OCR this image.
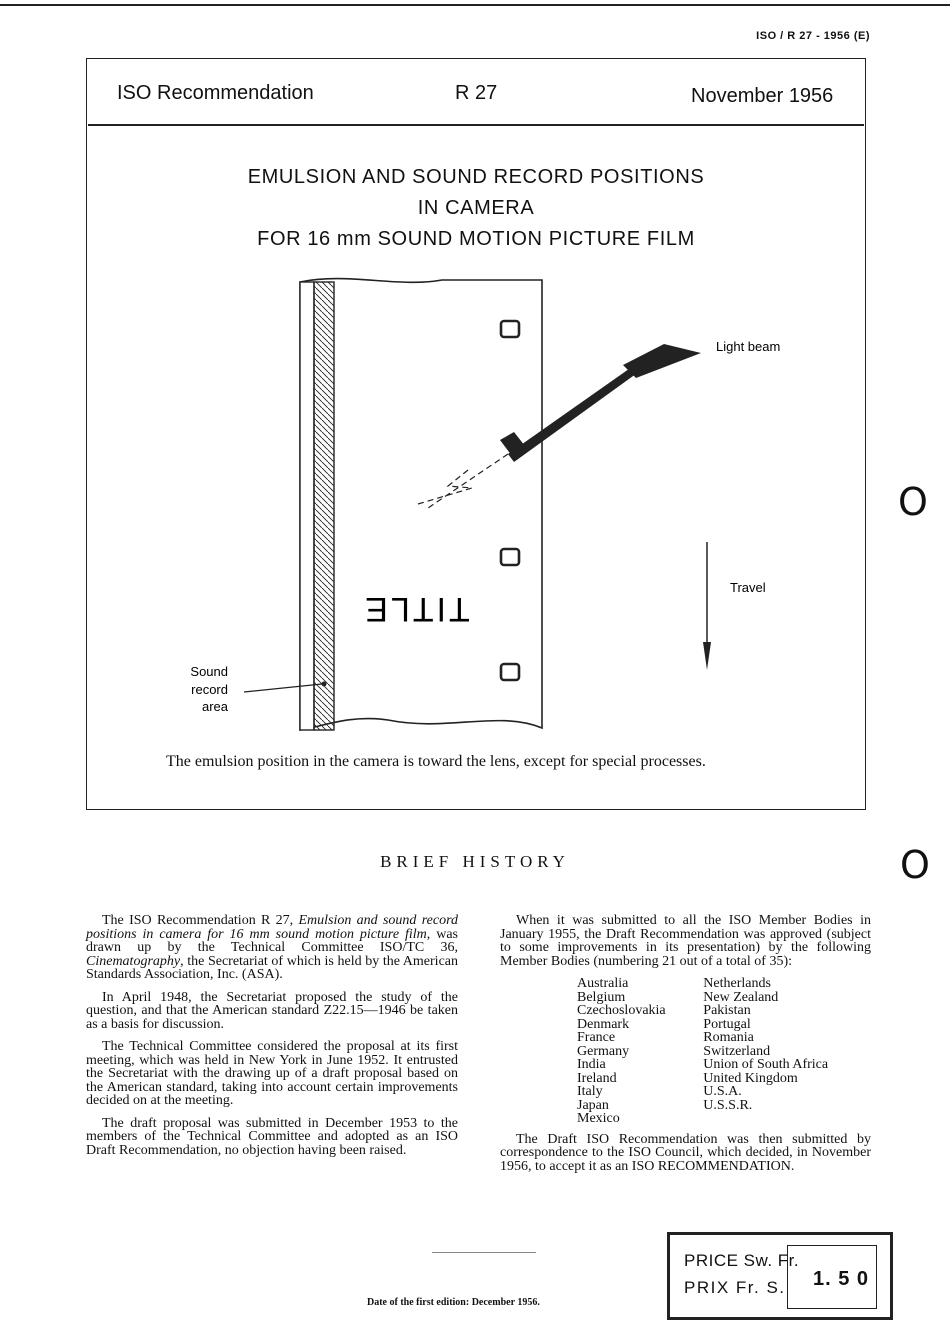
ISO / R 27 - 1956 (E)
ISO Recommendation	R 27	November 1956
EMULSION AND SOUND RECORD POSITIONS
IN CAMERA
FOR 16 mm SOUND MOTION PICTURE FILM
TITLE
Light beam
Travel
Sound
record
area
The emulsion position in the camera is toward the lens, except for special processes.
O
BRIEF HISTORY	O

The ISO Recommendation R 27, Emulsion and sound record positions in camera for 16 mm sound motion picture film, was drawn up by the Technical Committee ISO/TC 36, Cinematography, the Secretariat of which is held by the American Standards Association, Inc. (ASA).

In April 1948, the Secretariat proposed the study of the question, and that the American standard Z22.15—1946 be taken as a basis for discussion.

The Technical Committee considered the proposal at its first meeting, which was held in New York in June 1952. It entrusted the Secretariat with the drawing up of a draft proposal based on the American standard, taking into account certain improvements decided on at the meeting.

The draft proposal was submitted in December 1953 to the members of the Technical Committee and adopted as an ISO Draft Recommendation, no objection having been raised.

When it was submitted to all the ISO Member Bodies in January 1955, the Draft Recommendation was approved (subject to some improvements in its presentation) by the following Member Bodies (numbering 21 out of a total of 35):

Australia
Belgium
Czechoslovakia
Denmark
France
Germany
India
Ireland
Italy
Japan
Mexico
Netherlands
New Zealand
Pakistan
Portugal
Romania
Switzerland
Union of South Africa
United Kingdom
U.S.A.
U.S.S.R.

The Draft ISO Recommendation was then submitted by correspondence to the ISO Council, which decided, in November 1956, to accept it as an ISO RECOMMENDATION.

Date of the first edition: December 1956.
PRICE Sw. Fr.
PRIX Fr. S. 1. 5 0
